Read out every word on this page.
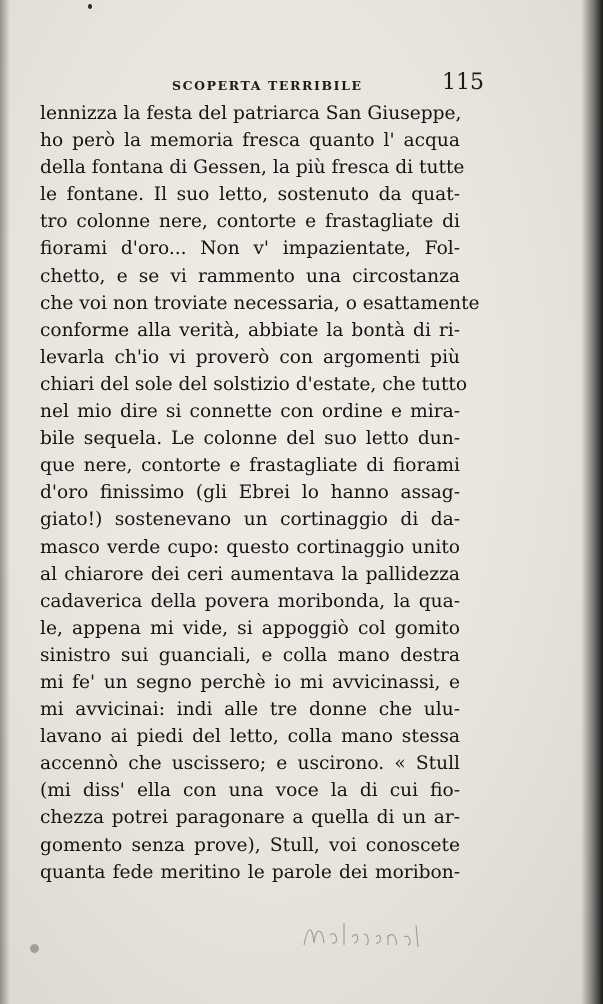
SCOPERTA TERRIBILE	115
lennizza la festa del patriarca San Giuseppe,
ho però la memoria fresca quanto l' acqua
della fontana di Gessen, la più fresca di tutte
le fontane. Il suo letto, sostenuto da quat-
tro colonne nere, contorte e frastagliate di
fiorami d'oro... Non v' impazientate, Fol-
chetto, e se vi rammento una circostanza
che voi non troviate necessaria, o esattamente
conforme alla verità, abbiate la bontà di ri-
levarla ch'io vi proverò con argomenti più
chiari del sole del solstizio d'estate, che tutto
nel mio dire si connette con ordine e mira-
bile sequela. Le colonne del suo letto dun-
que nere, contorte e frastagliate di fiorami
d'oro finissimo (gli Ebrei lo hanno assag-
giato!) sostenevano un cortinaggio di da-
masco verde cupo: questo cortinaggio unito
al chiarore dei ceri aumentava la pallidezza
cadaverica della povera moribonda, la qua-
le, appena mi vide, si appoggiò col gomito
sinistro sui guanciali, e colla mano destra
mi fe' un segno perchè io mi avvicinassi, e
mi avvicinai: indi alle tre donne che ulu-
lavano ai piedi del letto, colla mano stessa
accennò che uscissero; e uscirono. « Stull
(mi diss' ella con una voce la di cui fio-
chezza potrei paragonare a quella di un ar-
gomento senza prove), Stull, voi conoscete
quanta fede meritino le parole dei moribon-
